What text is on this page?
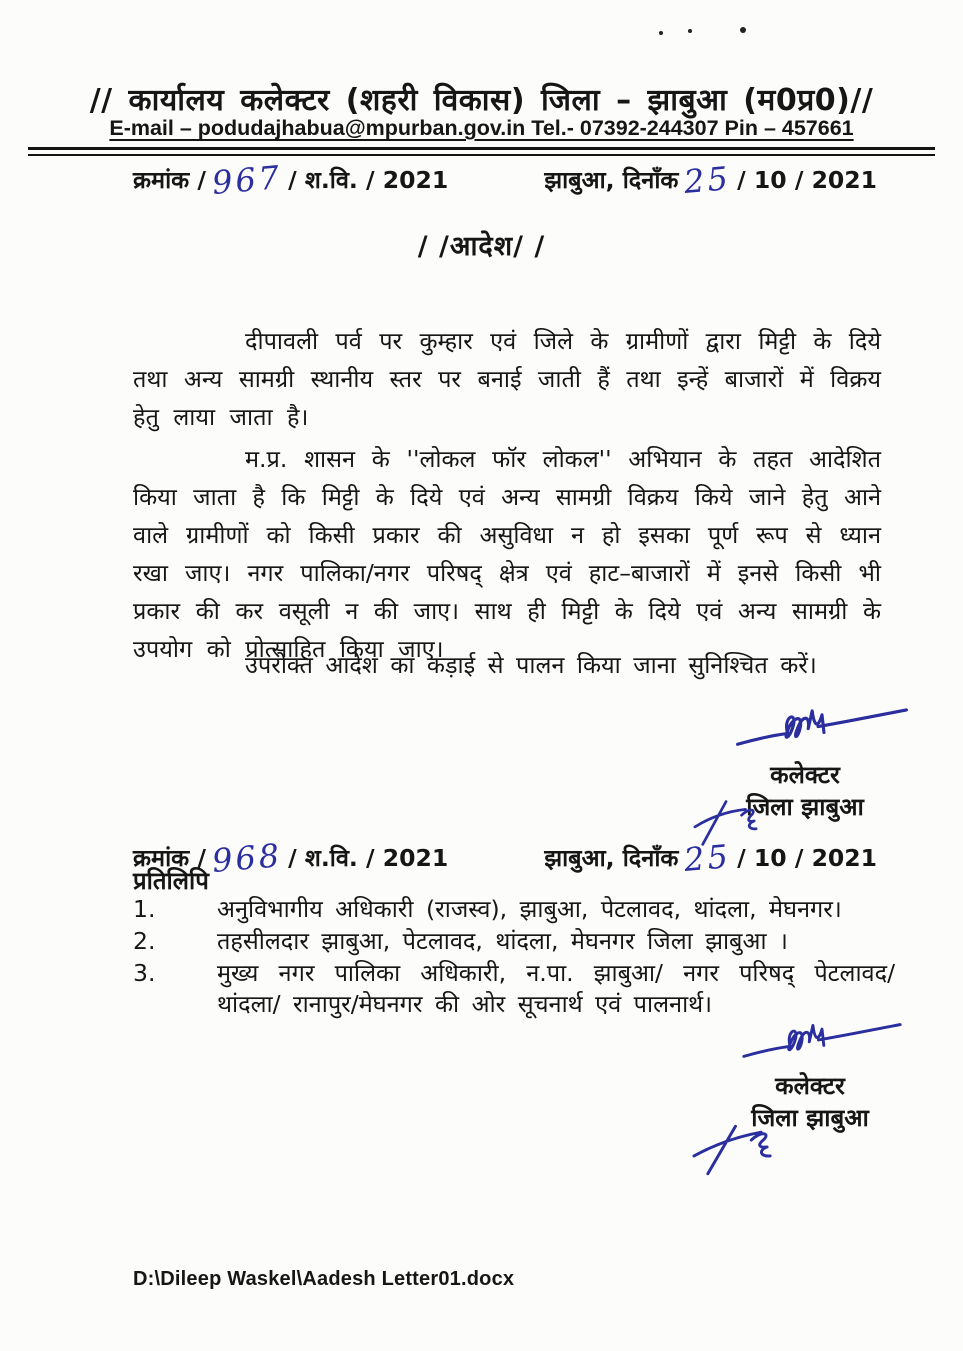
// कार्यालय कलेक्टर (शहरी विकास) जिला – झाबुआ (म0प्र0)//
E-mail – podudajhabua@mpurban.gov.in Tel.- 07392-244307 Pin – 457661
क्रमांक / 967 / श.वि. / 2021	झाबुआ, दिनाँक 25 / 10 / 2021
/ /आदेश/ /
दीपावली पर्व पर कुम्हार एवं जिले के ग्रामीणों द्वारा मिट्टी के दिये तथा अन्य सामग्री स्थानीय स्तर पर बनाई जाती हैं तथा इन्हें बाजारों में विक्रय हेतु लाया जाता है।
म.प्र. शासन के ''लोकल फॉर लोकल'' अभियान के तहत आदेशित किया जाता है कि मिट्टी के दिये एवं अन्य सामग्री विक्रय किये जाने हेतु आने वाले ग्रामीणों को किसी प्रकार की असुविधा न हो इसका पूर्ण रूप से ध्यान रखा जाए। नगर पालिका/नगर परिषद् क्षेत्र एवं हाट–बाजारों में इनसे किसी भी प्रकार की कर वसूली न की जाए। साथ ही मिट्टी के दिये एवं अन्य सामग्री के उपयोग को प्रोत्साहित किया जाए।
उपरोक्त आदेश का कड़ाई से पालन किया जाना सुनिश्चित करें।
कलेक्टर
जिला झाबुआ
क्रमांक / 968 / श.वि. / 2021	झाबुआ, दिनाँक 25 / 10 / 2021
प्रतिलिपि
1.	अनुविभागीय अधिकारी (राजस्व), झाबुआ, पेटलावद, थांदला, मेघनगर।
2.	तहसीलदार झाबुआ, पेटलावद, थांदला, मेघनगर जिला झाबुआ ।
3.	मुख्य नगर पालिका अधिकारी, न.पा. झाबुआ/ नगर परिषद् पेटलावद/ थांदला/ रानापुर/मेघनगर की ओर सूचनार्थ एवं पालनार्थ।
कलेक्टर
जिला झाबुआ
D:\Dileep Waskel\Aadesh Letter01.docx
